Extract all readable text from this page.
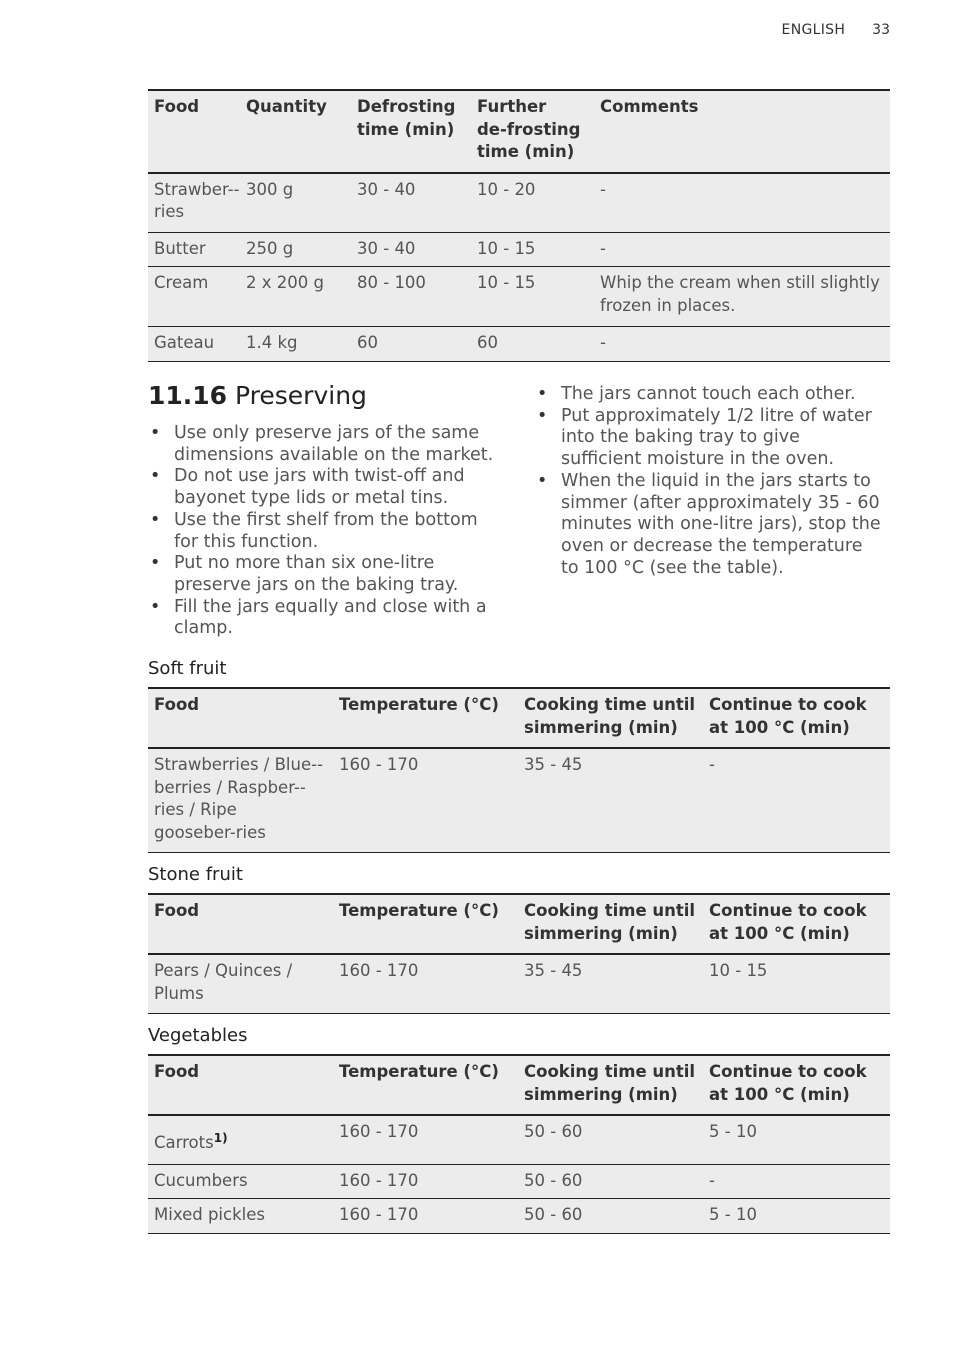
ENGLISH 33
Food	Quantity	Defrosting time (min)	Further de-frosting time (min)	Comments
Strawber-ries	300 g	30 - 40	10 - 20	-
Butter	250 g	30 - 40	10 - 15	-
Cream	2 x 200 g	80 - 100	10 - 15	Whip the cream when still slightly frozen in places.
Gateau	1.4 kg	60	60	-
11.16 Preserving
• Use only preserve jars of the same dimensions available on the market.
• Do not use jars with twist-off and bayonet type lids or metal tins.
• Use the first shelf from the bottom for this function.
• Put no more than six one-litre preserve jars on the baking tray.
• Fill the jars equally and close with a clamp.
• The jars cannot touch each other.
• Put approximately 1/2 litre of water into the baking tray to give sufficient moisture in the oven.
• When the liquid in the jars starts to simmer (after approximately 35 - 60 minutes with one-litre jars), stop the oven or decrease the temperature to 100 °C (see the table).
Soft fruit
Food	Temperature (°C)	Cooking time until simmering (min)	Continue to cook at 100 °C (min)
Strawberries / Blue-berries / Raspber-ries / Ripe gooseber-ries	160 - 170	35 - 45	-
Stone fruit
Food	Temperature (°C)	Cooking time until simmering (min)	Continue to cook at 100 °C (min)
Pears / Quinces / Plums	160 - 170	35 - 45	10 - 15
Vegetables
Food	Temperature (°C)	Cooking time until simmering (min)	Continue to cook at 100 °C (min)
Carrots$^{1)}$	160 - 170	50 - 60	5 - 10
Cucumbers	160 - 170	50 - 60	-
Mixed pickles	160 - 170	50 - 60	5 - 10
